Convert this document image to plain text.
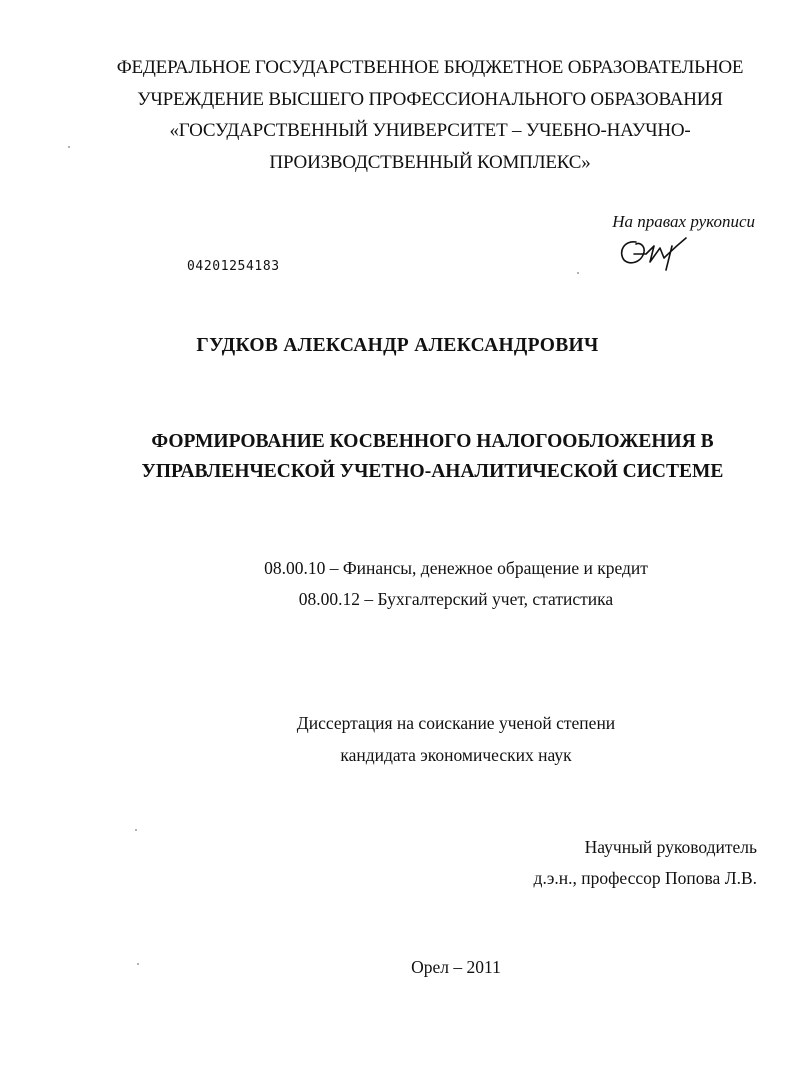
ФЕДЕРАЛЬНОЕ ГОСУДАРСТВЕННОЕ БЮДЖЕТНОЕ ОБРАЗОВАТЕЛЬНОЕ
УЧРЕЖДЕНИЕ ВЫСШЕГО ПРОФЕССИОНАЛЬНОГО ОБРАЗОВАНИЯ
«ГОСУДАРСТВЕННЫЙ УНИВЕРСИТЕТ – УЧЕБНО-НАУЧНО-
ПРОИЗВОДСТВЕННЫЙ КОМПЛЕКС»
На правах рукописи
04201254183
ГУДКОВ АЛЕКСАНДР АЛЕКСАНДРОВИЧ
ФОРМИРОВАНИЕ КОСВЕННОГО НАЛОГООБЛОЖЕНИЯ В
УПРАВЛЕНЧЕСКОЙ УЧЕТНО-АНАЛИТИЧЕСКОЙ СИСТЕМЕ
08.00.10 – Финансы, денежное обращение и кредит
08.00.12 – Бухгалтерский учет, статистика
Диссертация на соискание ученой степени
кандидата экономических наук
Научный руководитель
д.э.н., профессор Попова Л.В.
Орел – 2011
